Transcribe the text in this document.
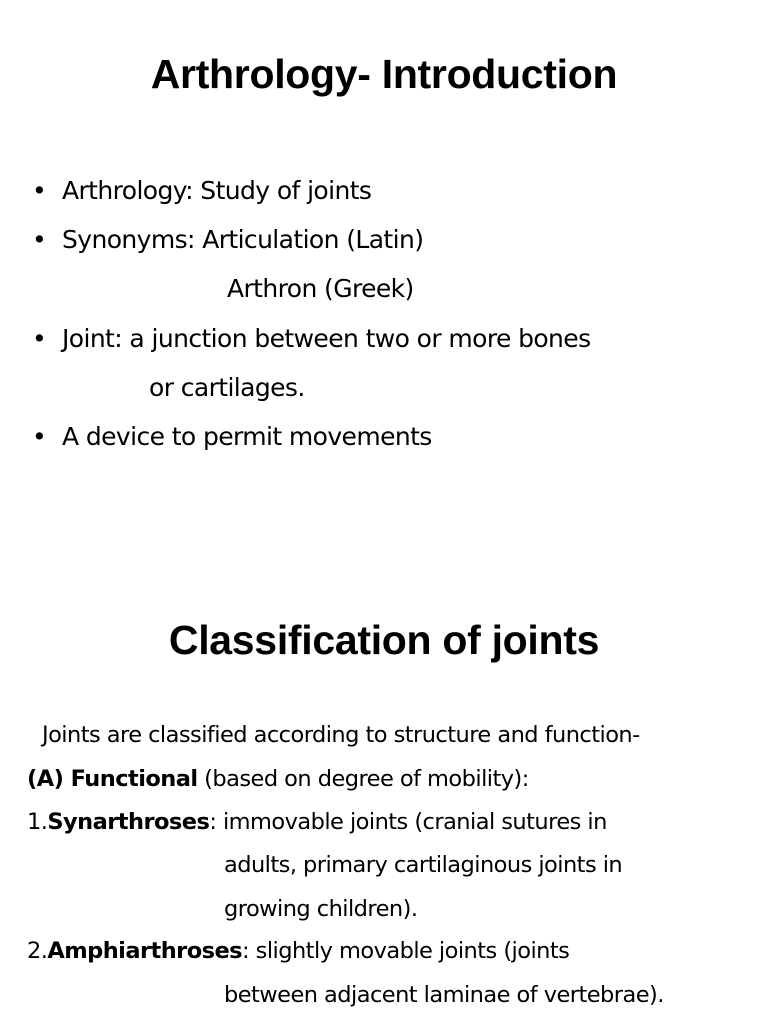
Arthrology- Introduction
• Arthrology: Study of joints
• Synonyms: Articulation (Latin)
Arthron (Greek)
• Joint: a junction between two or more bones
or cartilages.
• A device to permit movements
Classification of joints
Joints are classified according to structure and function-
(A) Functional (based on degree of mobility):
1.Synarthroses: immovable joints (cranial sutures in
adults, primary cartilaginous joints in
growing children).
2.Amphiarthroses: slightly movable joints (joints
between adjacent laminae of vertebrae).
